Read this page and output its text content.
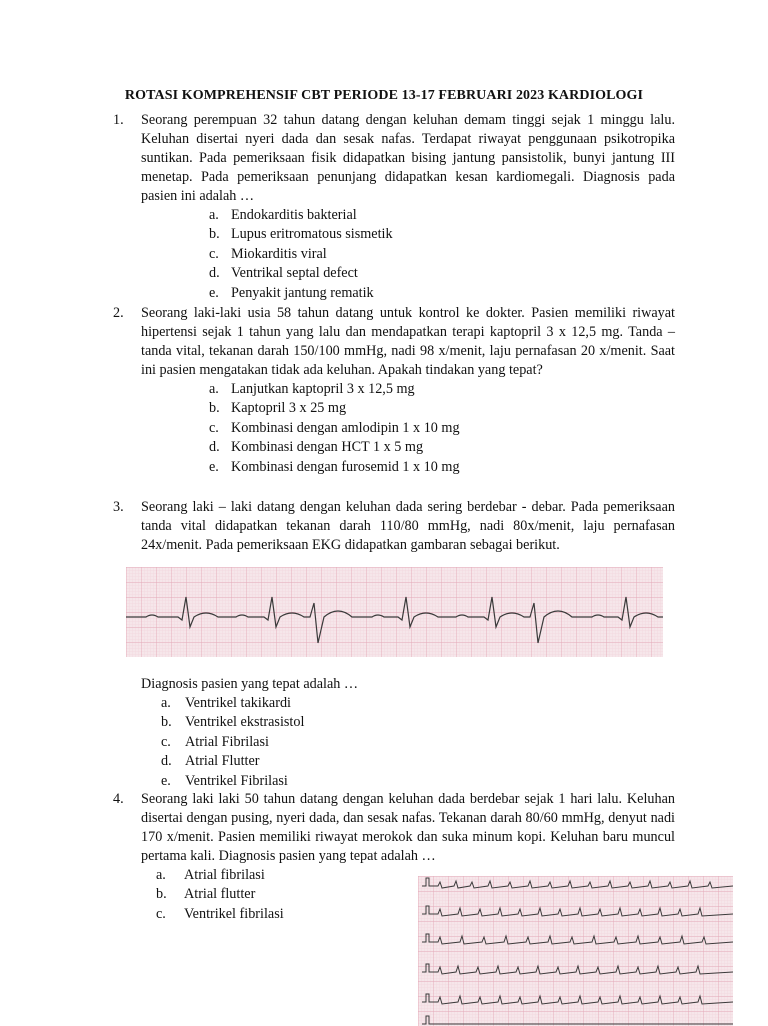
ROTASI KOMPREHENSIF CBT PERIODE 13-17 FEBRUARI 2023 KARDIOLOGI
1. Seorang perempuan 32 tahun datang dengan keluhan demam tinggi sejak 1 minggu lalu. Keluhan disertai nyeri dada dan sesak nafas. Terdapat riwayat penggunaan psikotropika suntikan. Pada pemeriksaan fisik didapatkan bising jantung pansistolik, bunyi jantung III menetap. Pada pemeriksaan penunjang didapatkan kesan kardiomegali. Diagnosis pada pasien ini adalah …
a. Endokarditis bakterial
b. Lupus eritromatous sismetik
c. Miokarditis viral
d. Ventrikal septal defect
e. Penyakit jantung rematik
2. Seorang laki-laki usia 58 tahun datang untuk kontrol ke dokter. Pasien memiliki riwayat hipertensi sejak 1 tahun yang lalu dan mendapatkan terapi kaptopril 3 x 12,5 mg. Tanda – tanda vital, tekanan darah 150/100 mmHg, nadi 98 x/menit, laju pernafasan 20 x/menit. Saat ini pasien mengatakan tidak ada keluhan. Apakah tindakan yang tepat?
a. Lanjutkan kaptopril 3 x 12,5 mg
b. Kaptopril 3 x 25 mg
c. Kombinasi dengan amlodipin 1 x 10 mg
d. Kombinasi dengan HCT 1 x 5 mg
e. Kombinasi dengan furosemid 1 x 10 mg
3. Seorang laki – laki datang dengan keluhan dada sering berdebar - debar. Pada pemeriksaan tanda vital didapatkan tekanan darah 110/80 mmHg, nadi 80x/menit, laju pernafasan 24x/menit. Pada pemeriksaan EKG didapatkan gambaran sebagai berikut.
Diagnosis pasien yang tepat adalah …
a. Ventrikel takikardi
b. Ventrikel ekstrasistol
c. Atrial Fibrilasi
d. Atrial Flutter
e. Ventrikel Fibrilasi
4. Seorang laki laki 50 tahun datang dengan keluhan dada berdebar sejak 1 hari lalu. Keluhan disertai dengan pusing, nyeri dada, dan sesak nafas. Tekanan darah 80/60 mmHg, denyut nadi 170 x/menit. Pasien memiliki riwayat merokok dan suka minum kopi. Keluhan baru muncul pertama kali. Diagnosis pasien yang tepat adalah …
a. Atrial fibrilasi
b. Atrial flutter
c. Ventrikel fibrilasi
